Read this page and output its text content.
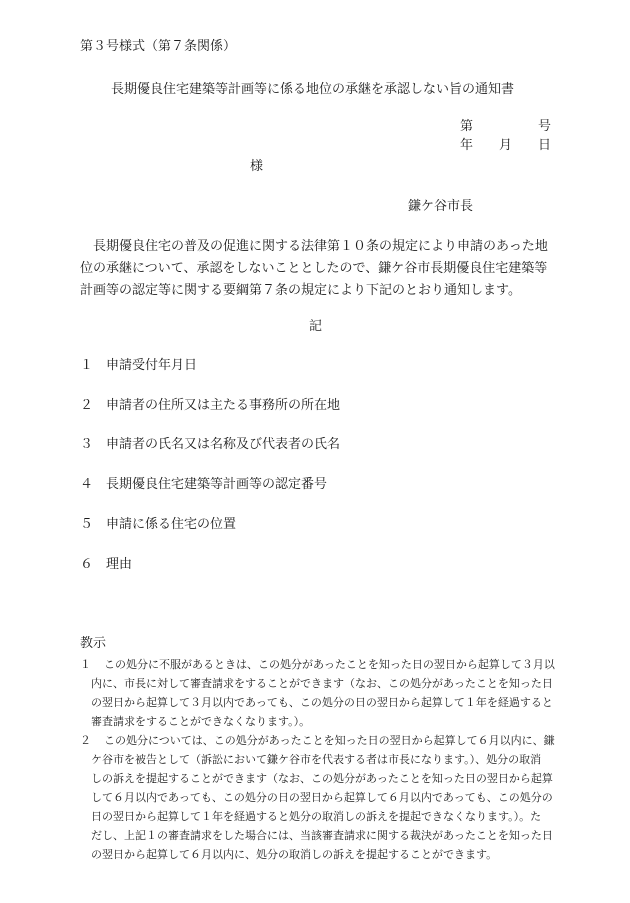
第３号様式（第７条関係）
長期優良住宅建築等計画等に係る地位の承継を承認しない旨の通知書
第	号
年 月 日
様
鎌ケ谷市長

　長期優良住宅の普及の促進に関する法律第１０条の規定により申請のあった地

位の承継について、承認をしないこととしたので、鎌ケ谷市長期優良住宅建築等

計画等の認定等に関する要綱第７条の規定により下記のとおり通知します。

記
１ 申請受付年月日
２ 申請者の住所又は主たる事務所の所在地
３ 申請者の氏名又は名称及び代表者の氏名
４ 長期優良住宅建築等計画等の認定番号
５ 申請に係る住宅の位置
６ 理由
教示
１ この処分に不服があるときは、この処分があったことを知った日の翌日から起算して３月以
内に、市長に対して審査請求をすることができます（なお、この処分があったことを知った日
の翌日から起算して３月以内であっても、この処分の日の翌日から起算して１年を経過すると
審査請求をすることができなくなります。）。
２ この処分については、この処分があったことを知った日の翌日から起算して６月以内に、鎌
ケ谷市を被告として（訴訟において鎌ケ谷市を代表する者は市長になります。）、処分の取消
しの訴えを提起することができます（なお、この処分があったことを知った日の翌日から起算
して６月以内であっても、この処分の日の翌日から起算して６月以内であっても、この処分の
日の翌日から起算して１年を経過すると処分の取消しの訴えを提起できなくなります。）。た
だし、上記１の審査請求をした場合には、当該審査請求に関する裁決があったことを知った日
の翌日から起算して６月以内に、処分の取消しの訴えを提起することができます。
